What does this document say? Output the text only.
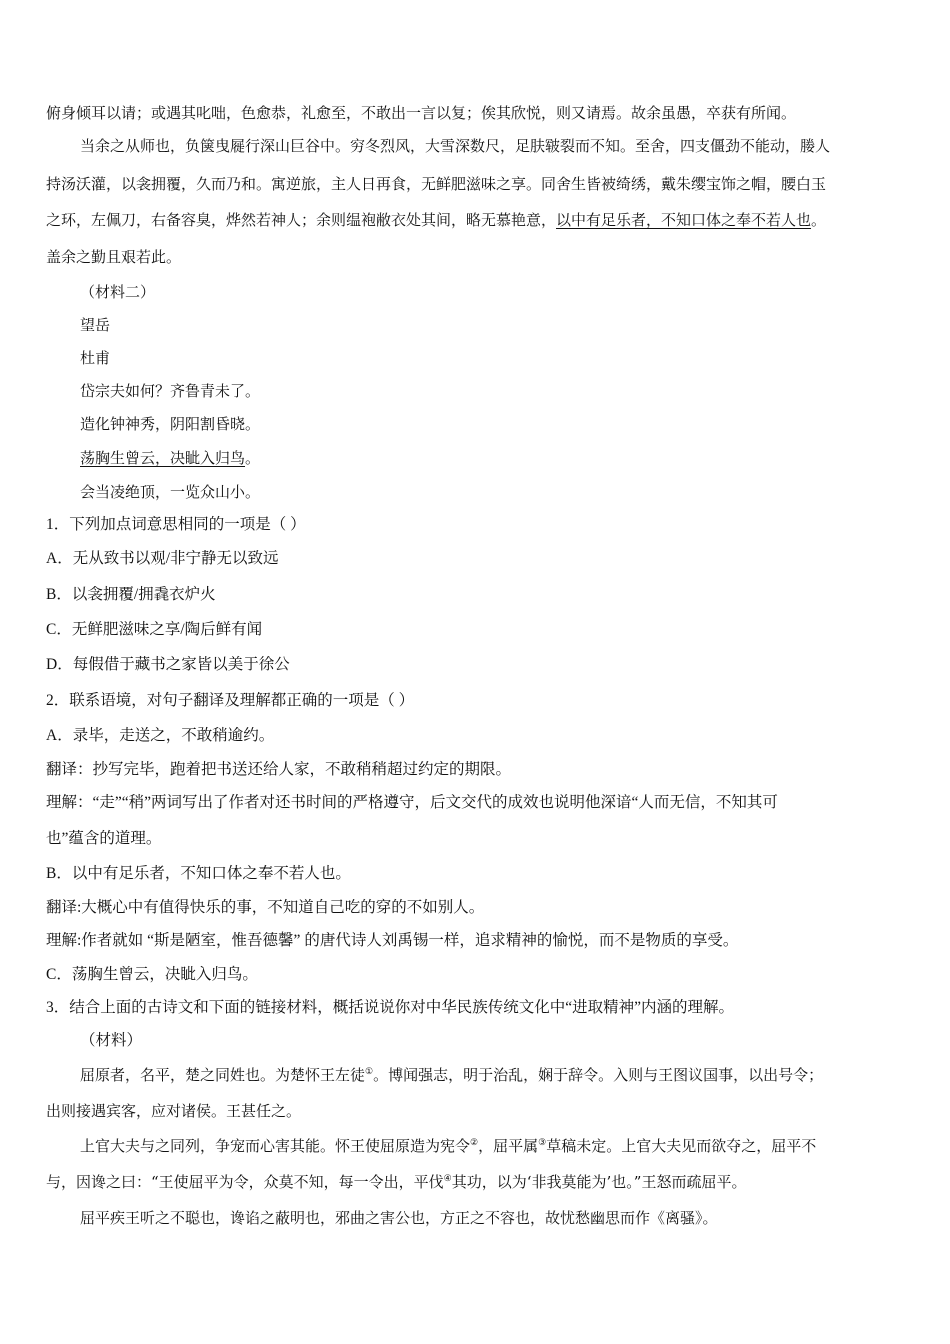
俯身倾耳以请；或遇其叱咄，色愈恭，礼愈至，不敢出一言以复；俟其欣悦，则又请焉。故余虽愚，卒获有所闻。
当余之从师也，负箧曳屣行深山巨谷中。穷冬烈风，大雪深数尺，足肤皲裂而不知。至舍，四支僵劲不能动，媵人
持汤沃灌，以衾拥覆，久而乃和。寓逆旅，主人日再食，无鲜肥滋味之享。同舍生皆被绮绣，戴朱缨宝饰之帽，腰白玉
之环，左佩刀，右备容臭，烨然若神人；余则缊袍敝衣处其间，略无慕艳意，以中有足乐者，不知口体之奉不若人也。
盖余之勤且艰若此。
（材料二）
望岳
杜甫
岱宗夫如何？齐鲁青未了。
造化钟神秀，阴阳割昏晓。
荡胸生曾云，决眦入归鸟。
会当凌绝顶，一览众山小。
1．下列加点词意思相同的一项是（ ）
A．无从致书以观/非宁静无以致远
B．以衾拥覆/拥毳衣炉火
C．无鲜肥滋味之享/陶后鲜有闻
D．每假借于藏书之家皆以美于徐公
2．联系语境，对句子翻译及理解都正确的一项是（ ）
A．录毕，走送之，不敢稍逾约。
翻译：抄写完毕，跑着把书送还给人家，不敢稍稍超过约定的期限。
理解：“走”“稍”两词写出了作者对还书时间的严格遵守，后文交代的成效也说明他深谙“人而无信，不知其可
也”蕴含的道理。
B．以中有足乐者，不知口体之奉不若人也。
翻译:大概心中有值得快乐的事，不知道自己吃的穿的不如别人。
理解:作者就如 “斯是陋室，惟吾德馨” 的唐代诗人刘禹锡一样，追求精神的愉悦，而不是物质的享受。
C．荡胸生曾云，决眦入归鸟。
3．结合上面的古诗文和下面的链接材料，概括说说你对中华民族传统文化中“进取精神”内涵的理解。
（材料）
屈原者，名平，楚之同姓也。为楚怀王左徒①。博闻强志，明于治乱，娴于辞令。入则与王图议国事，以出号令；
出则接遇宾客，应对诸侯。王甚任之。
上官大夫与之同列，争宠而心害其能。怀王使屈原造为宪令②，屈平属③草稿未定。上官大夫见而欲夺之，屈平不
与，因谗之曰：“王使屈平为令，众莫不知，每一令出，平伐④其功，以为‘非我莫能为’也。”王怒而疏屈平。
屈平疾王听之不聪也，谗谄之蔽明也，邪曲之害公也，方正之不容也，故忧愁幽思而作《离骚》。
